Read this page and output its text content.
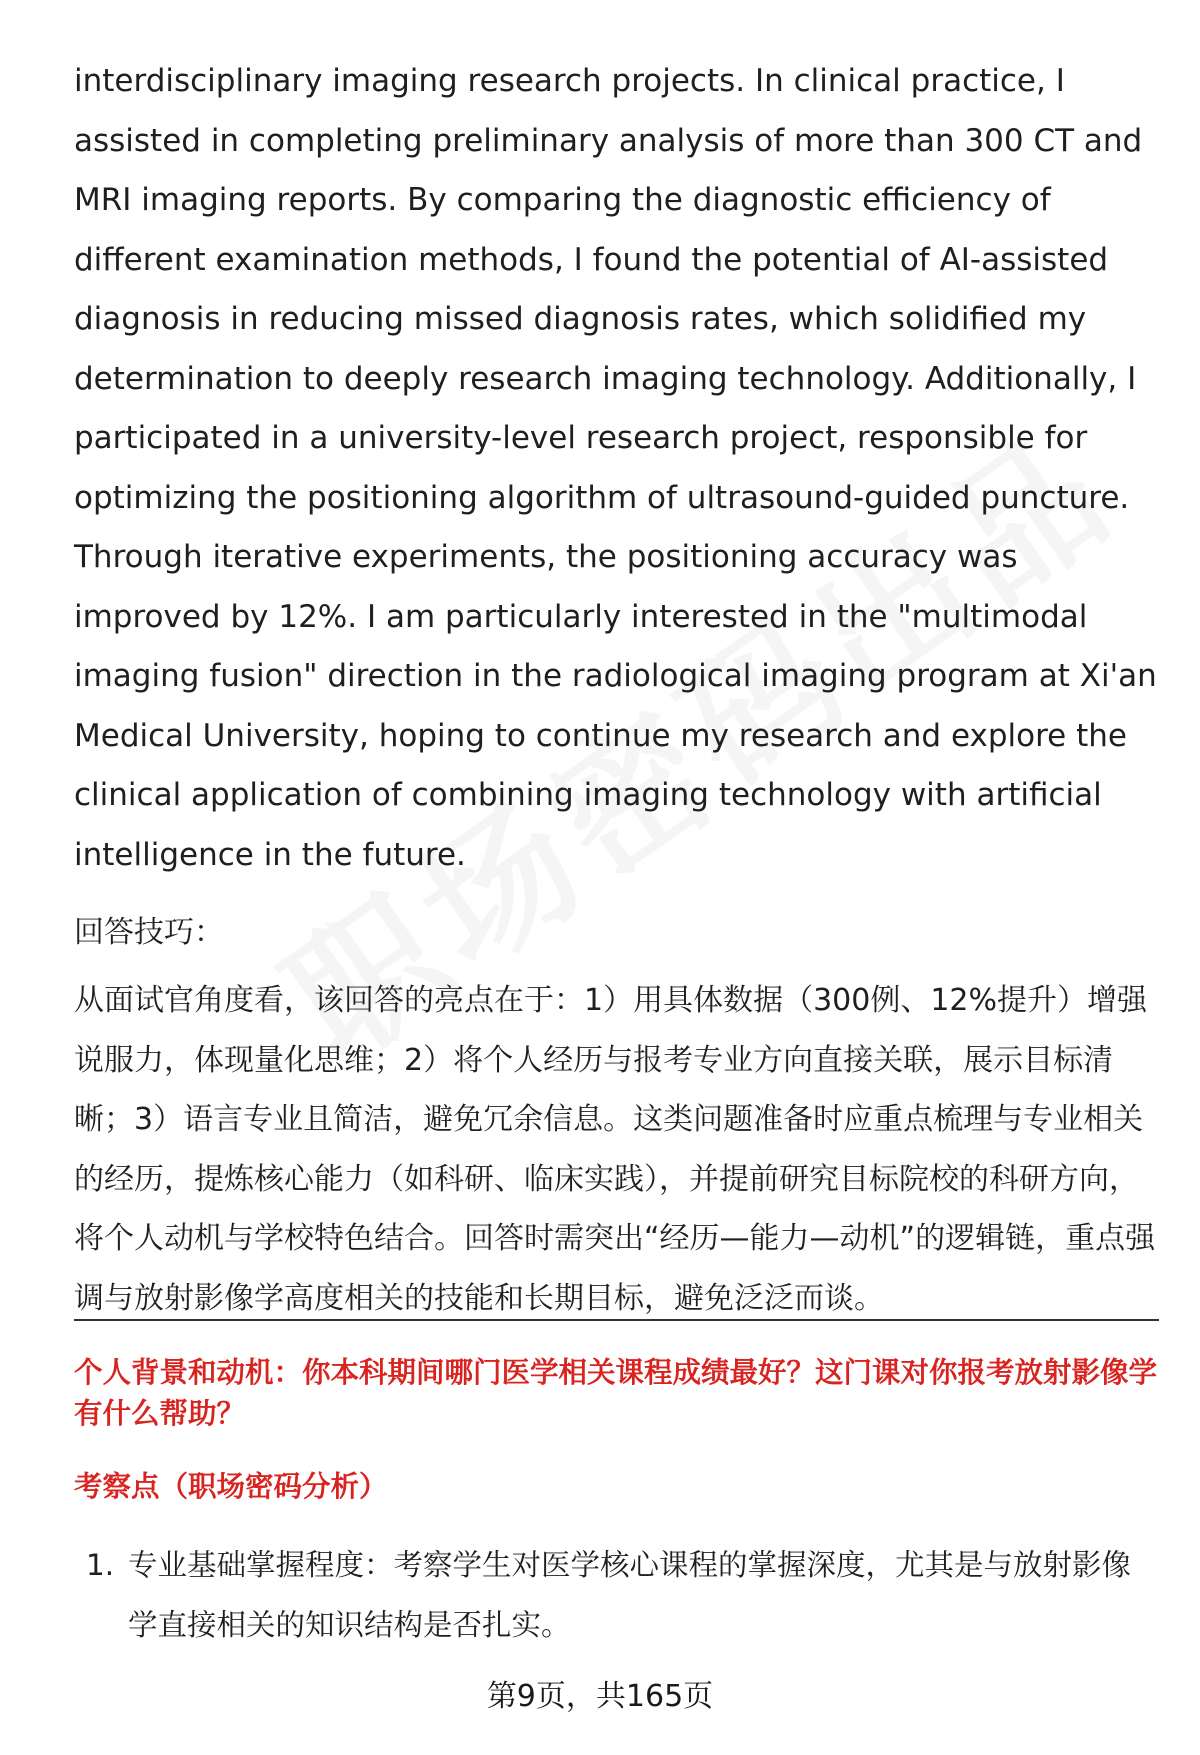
interdisciplinary imaging research projects. In clinical practice, I assisted in completing preliminary analysis of more than 300 CT and MRI imaging reports. By comparing the diagnostic efficiency of different examination methods, I found the potential of AI-assisted diagnosis in reducing missed diagnosis rates, which solidified my determination to deeply research imaging technology. Additionally, I participated in a university-level research project, responsible for optimizing the positioning algorithm of ultrasound-guided puncture. Through iterative experiments, the positioning accuracy was improved by 12%. I am particularly interested in the "multimodal imaging fusion" direction in the radiological imaging program at Xi'an Medical University, hoping to continue my research and explore the clinical application of combining imaging technology with artificial intelligence in the future.

回答技巧：

从面试官角度看，该回答的亮点在于：1）用具体数据（300例、12%提升）增强说服力，体现量化思维；2）将个人经历与报考专业方向直接关联，展示目标清晰；3）语言专业且简洁，避免冗余信息。这类问题准备时应重点梳理与专业相关的经历，提炼核心能力（如科研、临床实践），并提前研究目标院校的科研方向，将个人动机与学校特色结合。回答时需突出“经历—能力—动机”的逻辑链，重点强调与放射影像学高度相关的技能和长期目标，避免泛泛而谈。

个人背景和动机：你本科期间哪门医学相关课程成绩最好？这门课对你报考放射影像学有什么帮助？

考察点（职场密码分析）

1. 专业基础掌握程度：考察学生对医学核心课程的掌握深度，尤其是与放射影像学直接相关的知识结构是否扎实。
第9页，共165页
